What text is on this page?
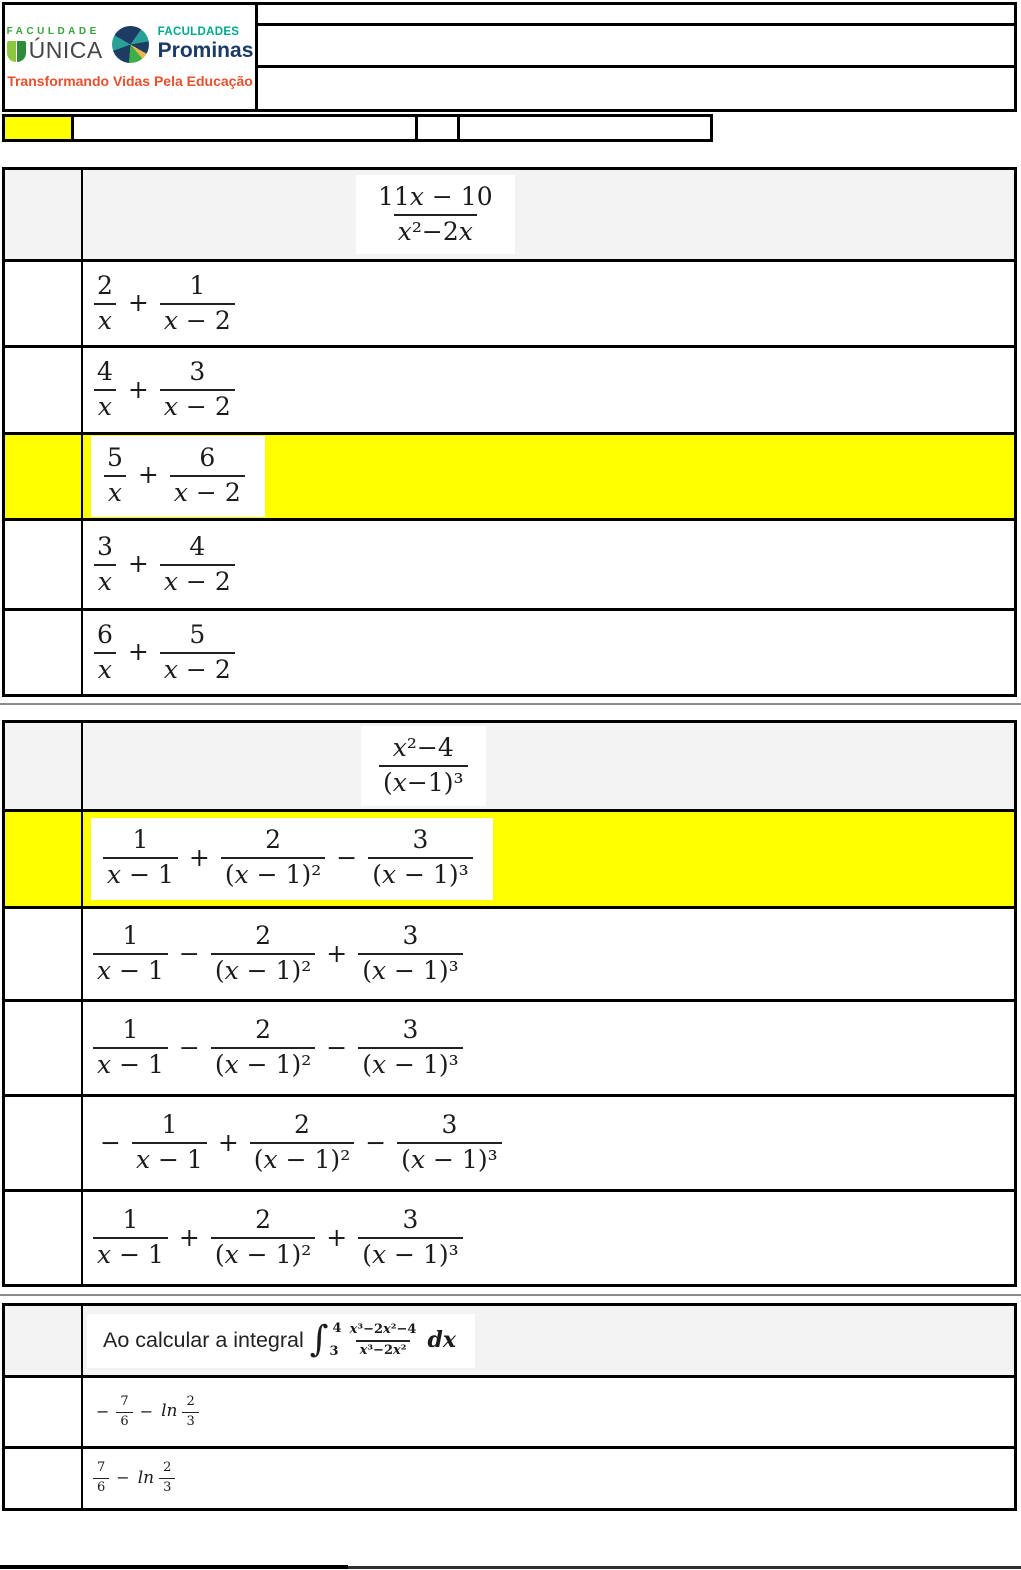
FACULDADE
ÚNICA
FACULDADES
Prominas
Transformando Vidas Pela Educação
$\frac{11x - 10}{\text{x²−2x}}$
$\frac{2}{x} + \frac{1}{x - 2}$
$\frac{4}{x} + \frac{3}{x - 2}$
$\frac{5}{x} + \frac{6}{x - 2}$
$\frac{3}{x} + \frac{4}{x - 2}$
$\frac{6}{x} + \frac{5}{x - 2}$
$\frac{\text{x²−4}}{\text{(x−1)³}}$
$\frac{1}{x - 1} + \frac{2}{\text{(x − 1)²}} - \frac{3}{\text{(x − 1)³}}$
$\frac{1}{x - 1} - \frac{2}{\text{(x − 1)²}} + \frac{3}{\text{(x − 1)³}}$
$\frac{1}{x - 1} - \frac{2}{\text{(x − 1)²}} - \frac{3}{\text{(x − 1)³}}$
− $\frac{1}{x - 1} + \frac{2}{\text{(x − 1)²}} - \frac{3}{\text{(x − 1)³}}$
$\frac{1}{x - 1} + \frac{2}{\text{(x − 1)²}} + \frac{3}{\text{(x − 1)³}}$
Ao calcular a integral ∫ 4
$3 \frac{\text{x³−2x²−4}}{\text{x³−2x²}}$ dx
− $\frac{7}{6} - \ln \frac{2}{3}$
$\frac{7}{6} - \ln \frac{2}{3}$
